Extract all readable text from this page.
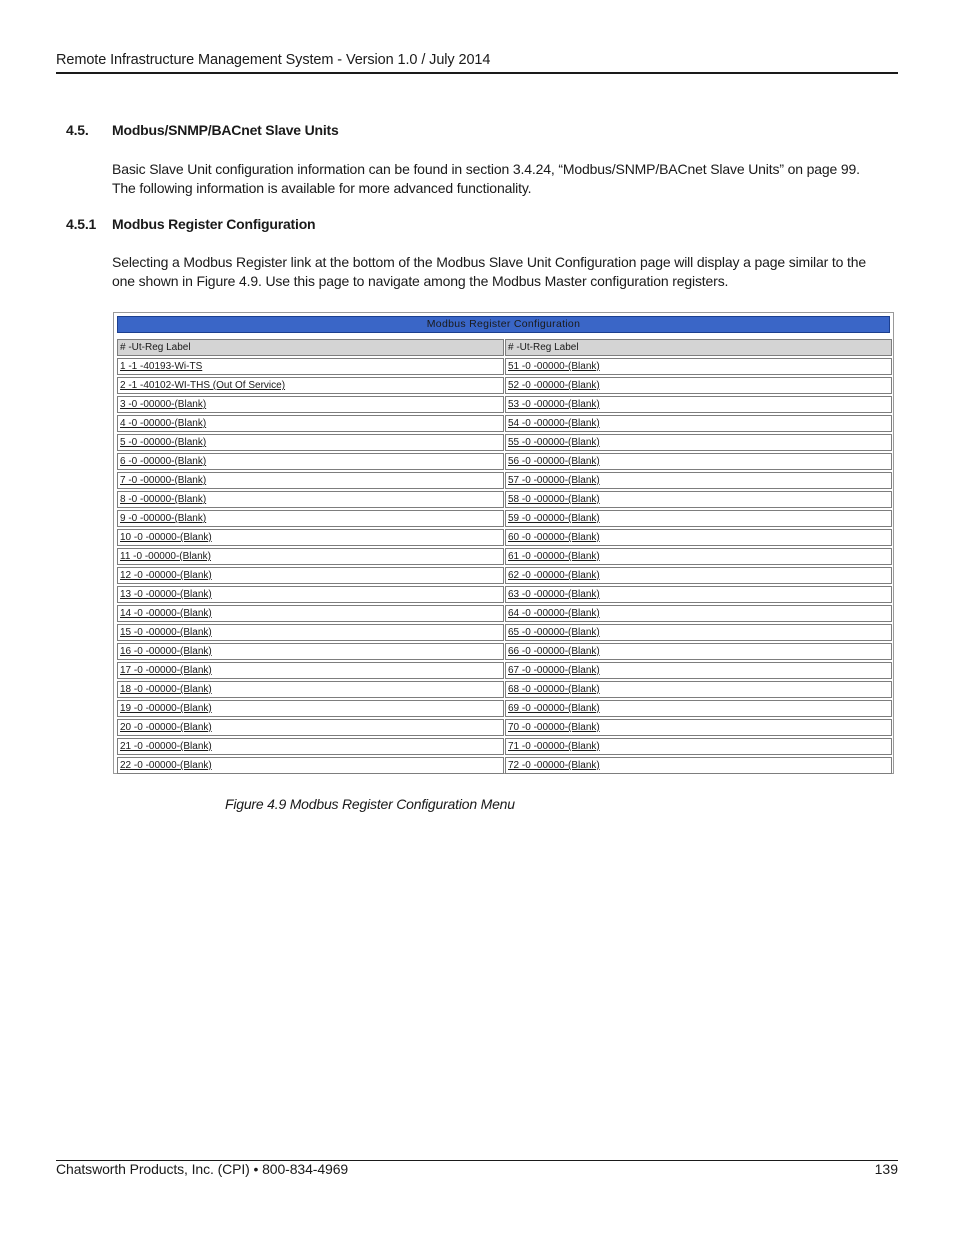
Remote Infrastructure Management System - Version 1.0 / July 2014
4.5. Modbus/SNMP/BACnet Slave Units
Basic Slave Unit configuration information can be found in section 3.4.24, “Modbus/SNMP/BACnet Slave Units” on page 99. The following information is available for more advanced functionality.
4.5.1 Modbus Register Configuration
Selecting a Modbus Register link at the bottom of the Modbus Slave Unit Configuration page will display a page similar to the one shown in Figure 4.9. Use this page to navigate among the Modbus Master configuration registers.
Modbus Register Configuration
# -Ut-Reg Label
1 -1 -40193-Wi-TS
2 -1 -40102-WI-THS (Out Of Service)
3 -0 -00000-(Blank)
4 -0 -00000-(Blank)
5 -0 -00000-(Blank)
6 -0 -00000-(Blank)
7 -0 -00000-(Blank)
8 -0 -00000-(Blank)
9 -0 -00000-(Blank)
10 -0 -00000-(Blank)
11 -0 -00000-(Blank)
12 -0 -00000-(Blank)
13 -0 -00000-(Blank)
14 -0 -00000-(Blank)
15 -0 -00000-(Blank)
16 -0 -00000-(Blank)
17 -0 -00000-(Blank)
18 -0 -00000-(Blank)
19 -0 -00000-(Blank)
20 -0 -00000-(Blank)
21 -0 -00000-(Blank)
22 -0 -00000-(Blank)
# -Ut-Reg Label
51 -0 -00000-(Blank)
52 -0 -00000-(Blank)
53 -0 -00000-(Blank)
54 -0 -00000-(Blank)
55 -0 -00000-(Blank)
56 -0 -00000-(Blank)
57 -0 -00000-(Blank)
58 -0 -00000-(Blank)
59 -0 -00000-(Blank)
60 -0 -00000-(Blank)
61 -0 -00000-(Blank)
62 -0 -00000-(Blank)
63 -0 -00000-(Blank)
64 -0 -00000-(Blank)
65 -0 -00000-(Blank)
66 -0 -00000-(Blank)
67 -0 -00000-(Blank)
68 -0 -00000-(Blank)
69 -0 -00000-(Blank)
70 -0 -00000-(Blank)
71 -0 -00000-(Blank)
72 -0 -00000-(Blank)
Figure 4.9 Modbus Register Configuration Menu
Chatsworth Products, Inc. (CPI) • 800-834-4969	139
